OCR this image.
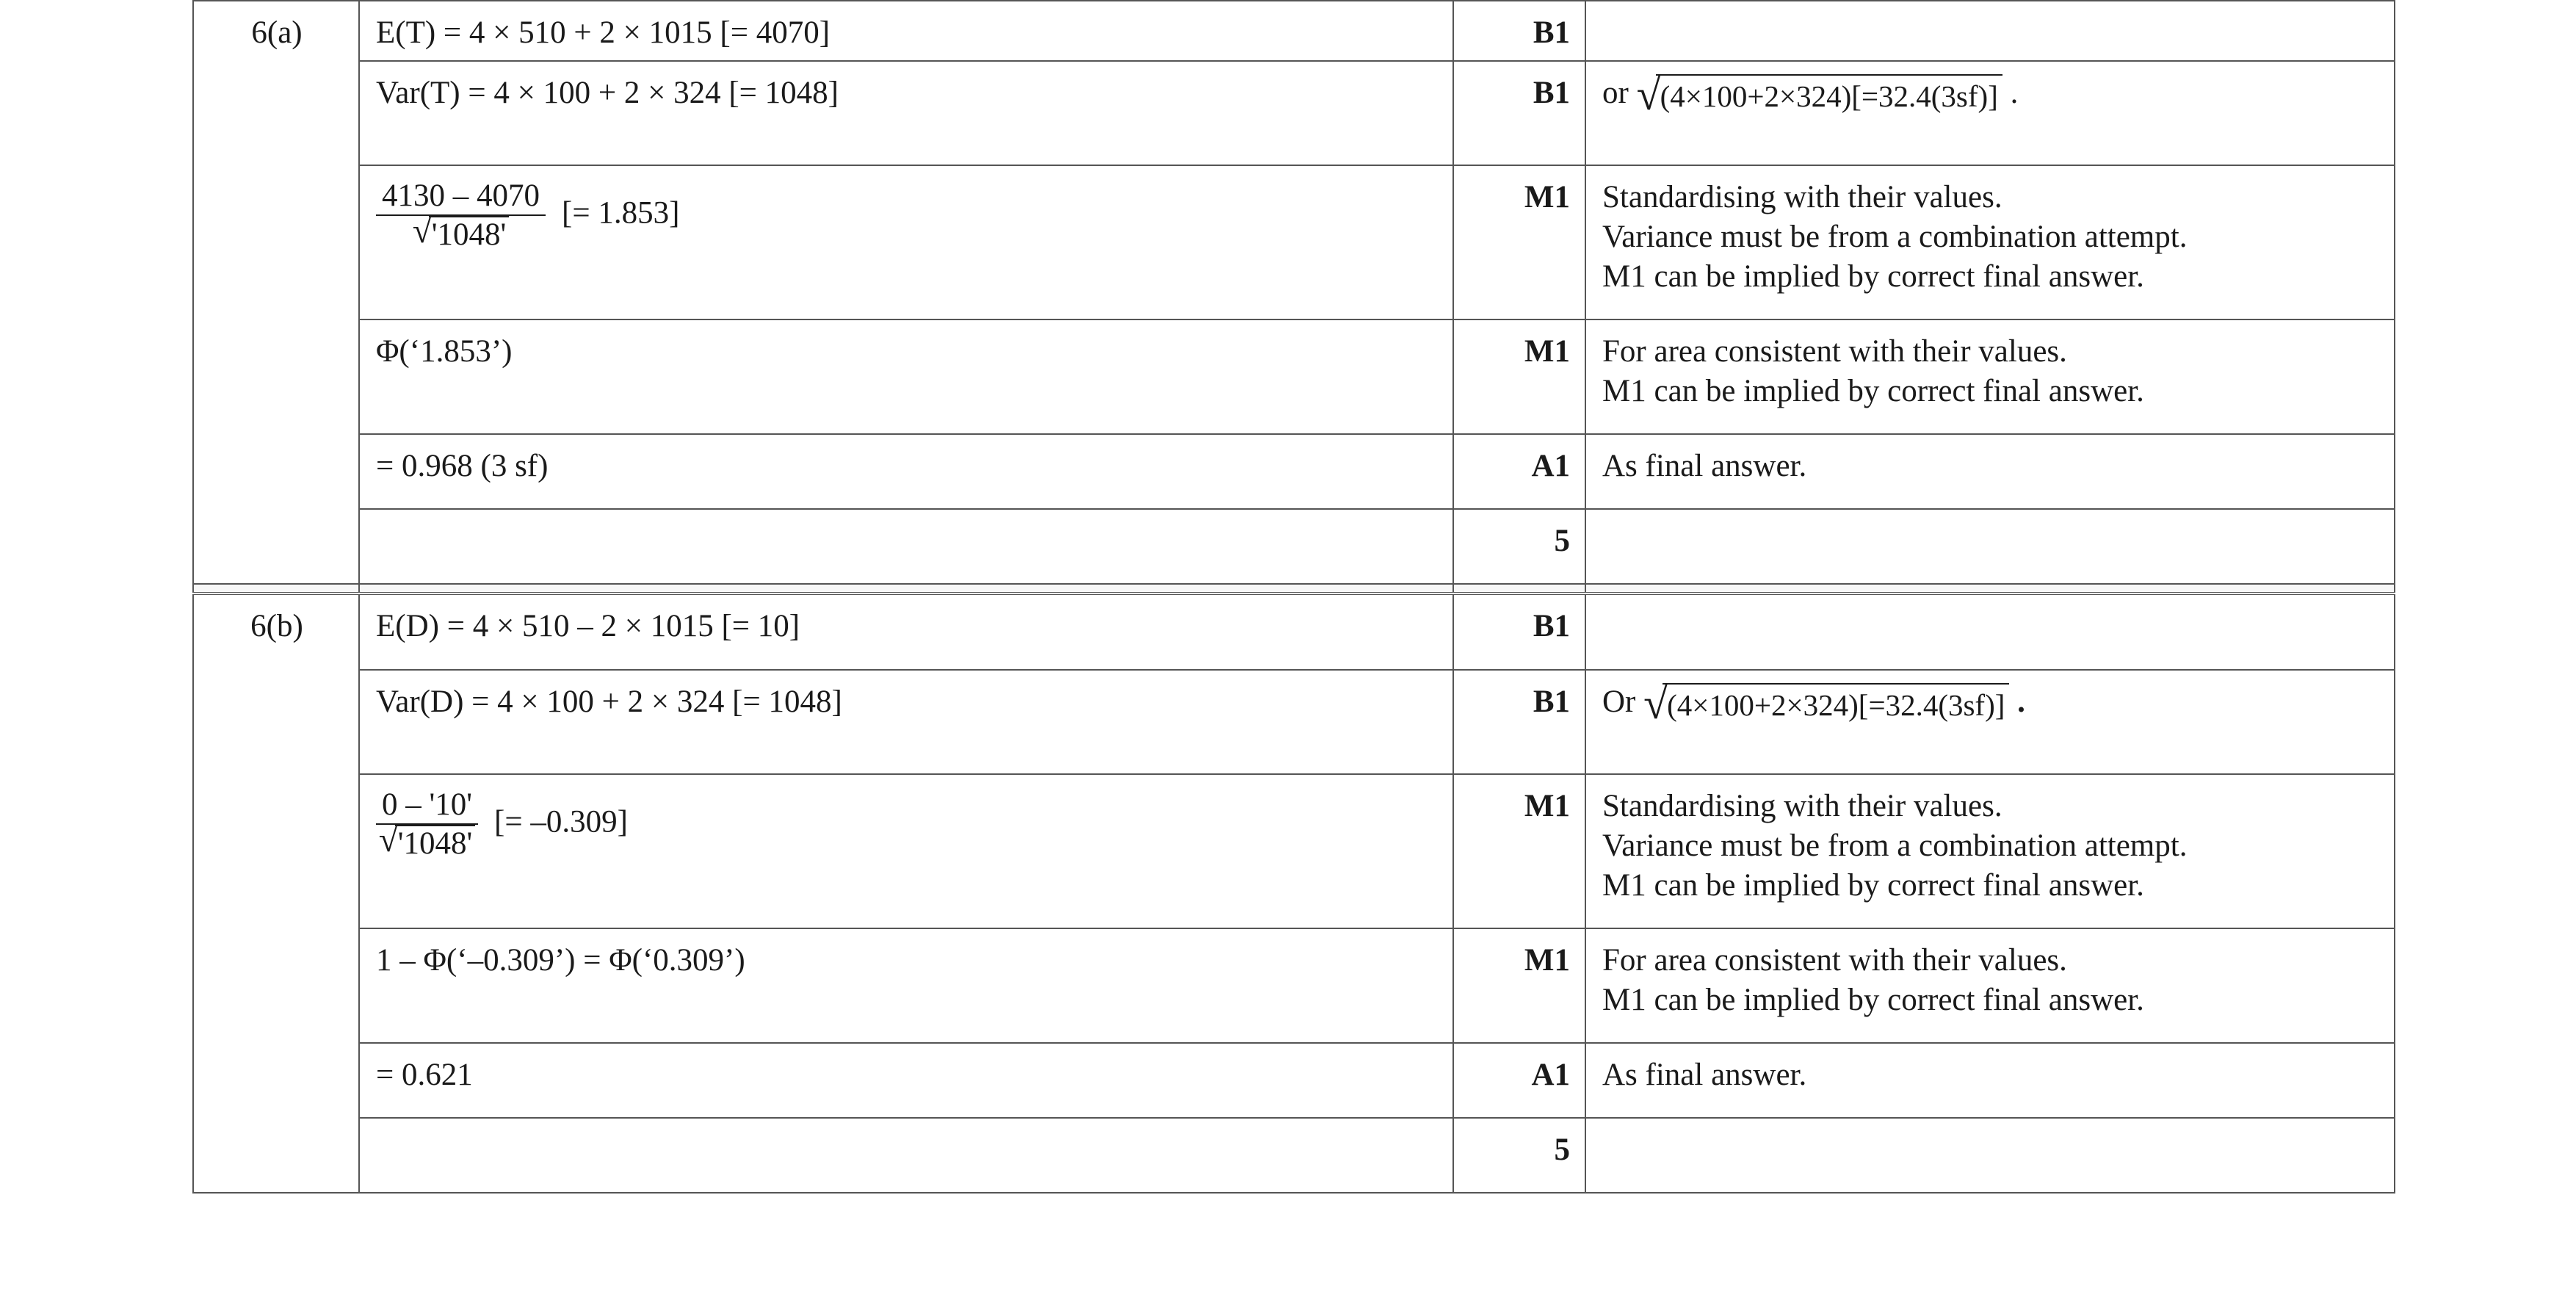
6(a)	E(T) = 4 × 510 + 2 × 1015 [= 4070]	B1	
	Var(T) = 4 × 100 + 2 × 324 [= 1048]	B1	or √ (4×100+2×324)[=32.4(3sf)] .

	$\frac{4130 - 4070}{√ '1048'}$ [= 1.853]	M1	Standardising with their values.
Variance must be from a combination attempt.
M1 can be implied by correct final answer.

	Φ(‘1.853’)	M1	For area consistent with their values.
M1 can be implied by correct final answer.

	= 0.968 (3 sf)	A1	As final answer.
		5	

6(b)	E(D) = 4 × 510 – 2 × 1015 [= 10]	B1	
	Var(D) = 4 × 100 + 2 × 324 [= 1048]	B1	Or √ (4×100+2×324)[=32.4(3sf)] .

	$\frac{0 - '10'}{√ '1048'}$ [= –0.309]	M1	Standardising with their values.
Variance must be from a combination attempt.
M1 can be implied by correct final answer.

	1 – Φ(‘–0.309’) = Φ(‘0.309’)	M1	For area consistent with their values.
M1 can be implied by correct final answer.

	= 0.621	A1	As final answer.
		5	
